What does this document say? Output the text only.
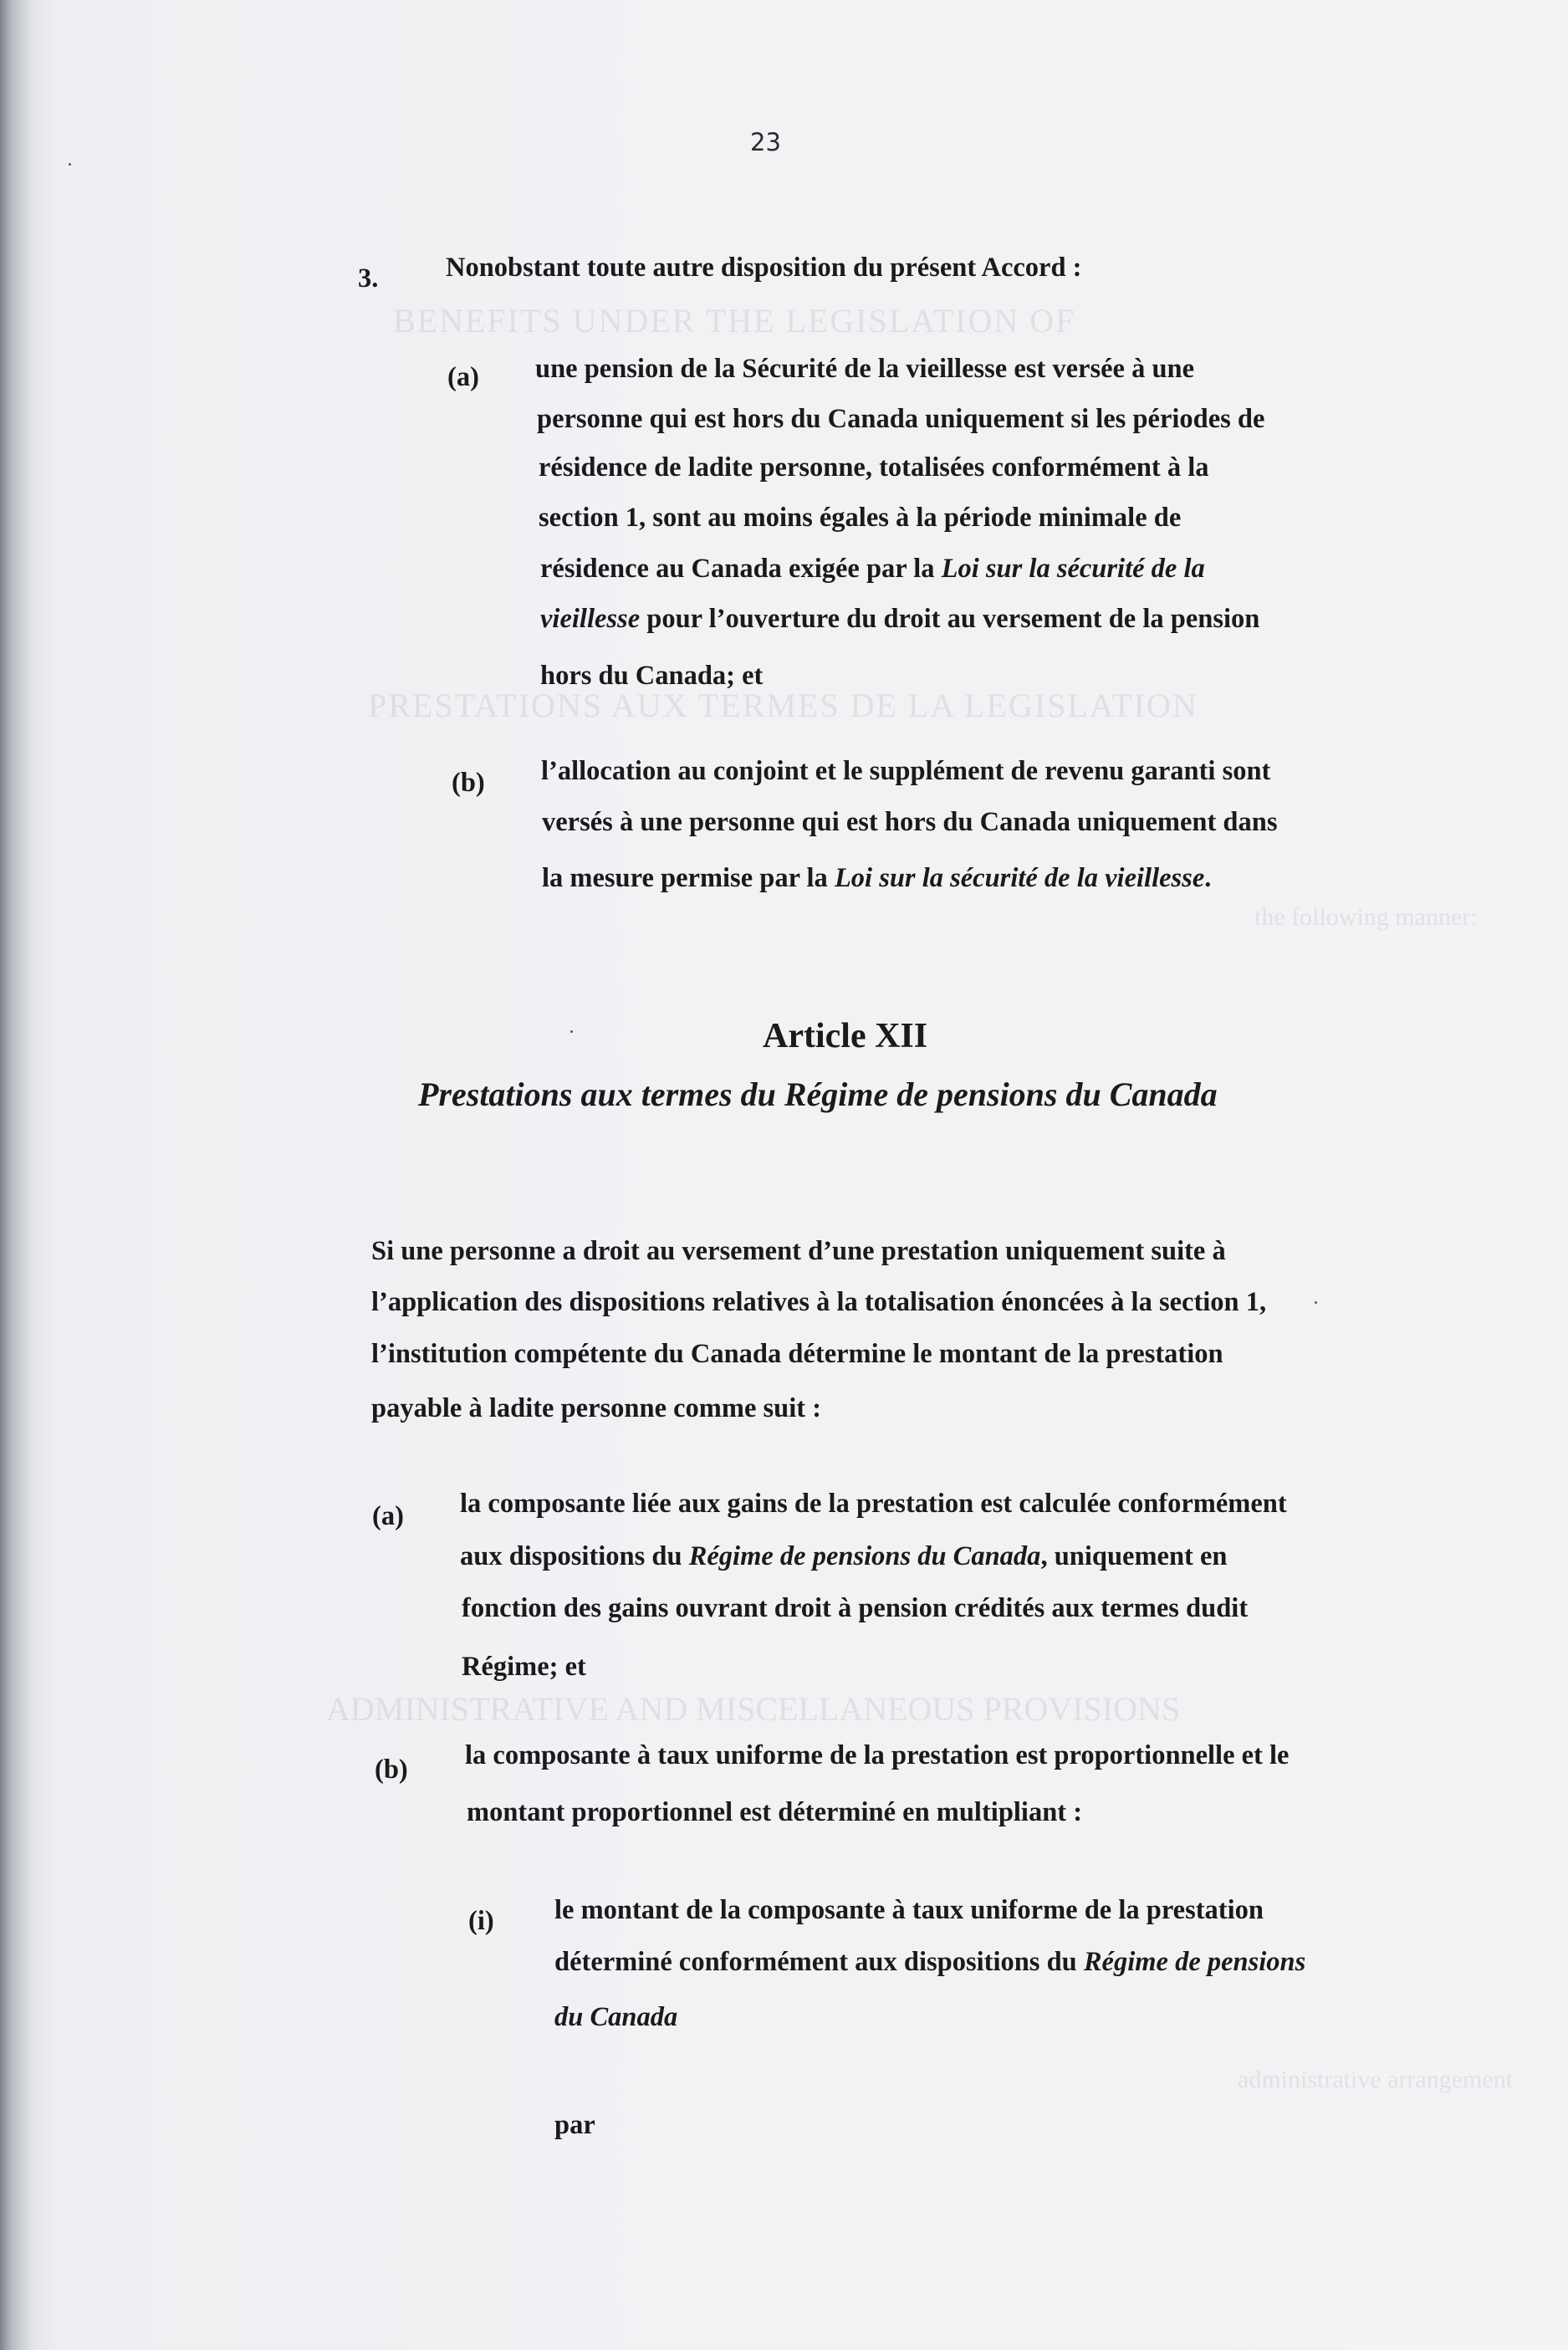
BENEFITS UNDER THE LEGISLATION OF
PRESTATIONS AUX TERMES DE LA LEGISLATION
the following manner:
ADMINISTRATIVE AND MISCELLANEOUS PROVISIONS
administrative arrangement
23
3. Nonobstant toute autre disposition du présent Accord :
(a) une pension de la Sécurité de la vieillesse est versée à une
personne qui est hors du Canada uniquement si les périodes de
résidence de ladite personne, totalisées conformément à la
section 1, sont au moins égales à la période minimale de
résidence au Canada exigée par la Loi sur la sécurité de la
vieillesse pour l’ouverture du droit au versement de la pension
hors du Canada; et
(b) l’allocation au conjoint et le supplément de revenu garanti sont
versés à une personne qui est hors du Canada uniquement dans
la mesure permise par la Loi sur la sécurité de la vieillesse.
Article XII
Prestations aux termes du Régime de pensions du Canada
Si une personne a droit au versement d’une prestation uniquement suite à
l’application des dispositions relatives à la totalisation énoncées à la section 1,
l’institution compétente du Canada détermine le montant de la prestation
payable à ladite personne comme suit :
(a) la composante liée aux gains de la prestation est calculée conformément
aux dispositions du Régime de pensions du Canada, uniquement en
fonction des gains ouvrant droit à pension crédités aux termes dudit
Régime; et
(b) la composante à taux uniforme de la prestation est proportionnelle et le
montant proportionnel est déterminé en multipliant :
(i) le montant de la composante à taux uniforme de la prestation
déterminé conformément aux dispositions du Régime de pensions
du Canada
par
